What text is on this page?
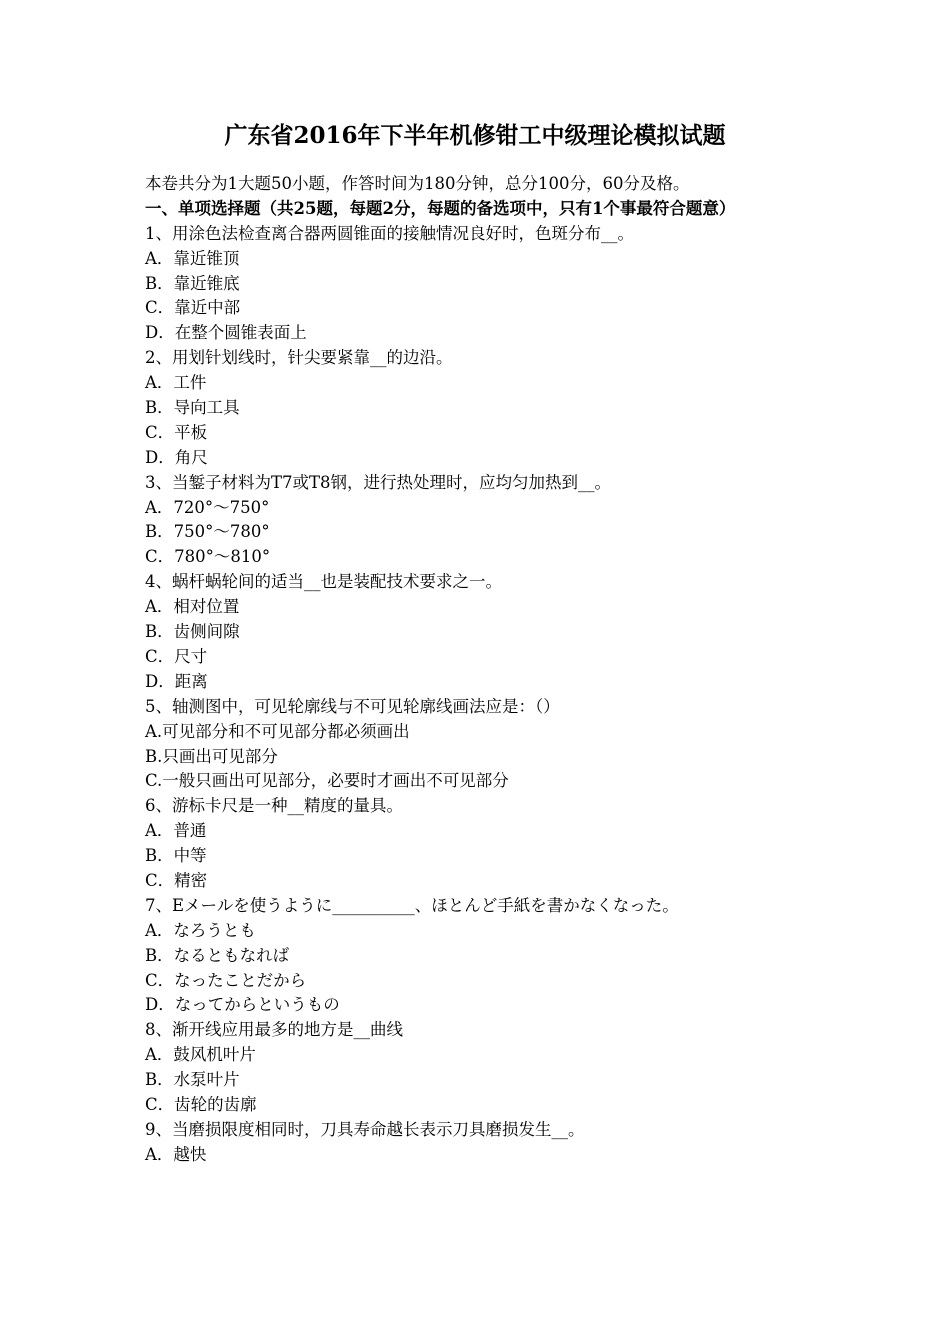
广东省2016年下半年机修钳工中级理论模拟试题

本卷共分为1大题50小题，作答时间为180分钟，总分100分，60分及格。

一、单项选择题（共25题，每题2分，每题的备选项中，只有1个事最符合题意）

1、用涂色法检查离合器两圆锥面的接触情况良好时，色斑分布__。

A．靠近锥顶

B．靠近锥底

C．靠近中部

D．在整个圆锥表面上

2、用划针划线时，针尖要紧靠__的边沿。

A．工件

B．导向工具

C．平板

D．角尺

3、当錾子材料为T7或T8钢，进行热处理时，应均匀加热到__。

A．720°～750°

B．750°～780°

C．780°～810°

4、蜗杆蜗轮间的适当__也是装配技术要求之一。

A．相对位置

B．齿侧间隙

C．尺寸

D．距离

5、轴测图中，可见轮廓线与不可见轮廓线画法应是：（）

A.可见部分和不可见部分都必须画出

B.只画出可见部分

C.一般只画出可见部分，必要时才画出不可见部分

6、游标卡尺是一种__精度的量具。

A．普通

B．中等

C．精密

7、Eメールを使うように__________、ほとんど手紙を書かなくなった。

A．なろうとも

B．なるともなれば

C．なったことだから

D．なってからというもの

8、渐开线应用最多的地方是__曲线

A．鼓风机叶片

B．水泵叶片

C．齿轮的齿廓

9、当磨损限度相同时，刀具寿命越长表示刀具磨损发生__。

A．越快
